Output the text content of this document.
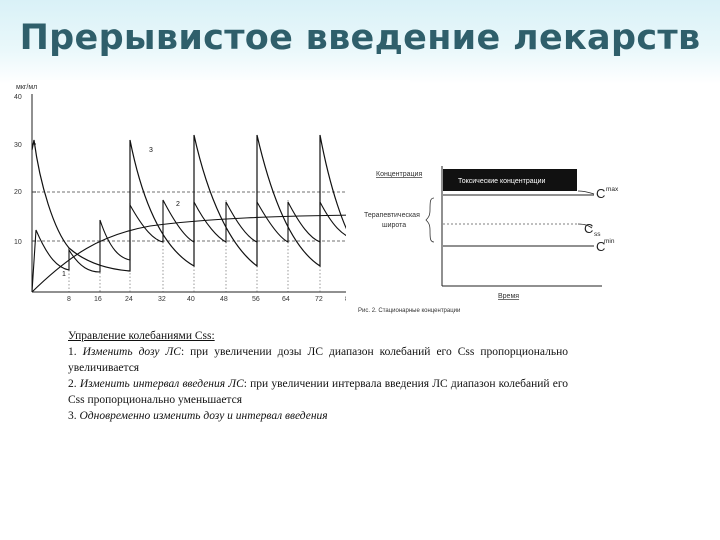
Прерывистое введение лекарств
мкг/мл
40
30
20
10
8	16	24	32	40	48	56	64	72
1
2
3
Концентрация
Токсические концентрации
Терапевтическая
широта
C max
C ss
C
min
Время
Рис. 2. Стационарные концентрации

Управление колебаниями Css:

1. Изменить дозу ЛС: при увеличении дозы ЛС диапазон колебаний его Css пропорционально увеличивается

2. Изменить интервал введения ЛС: при увеличении интервала введения ЛС диапазон колебаний его Css пропорционально уменьшается

3. Одновременно изменить дозу и интервал введения
